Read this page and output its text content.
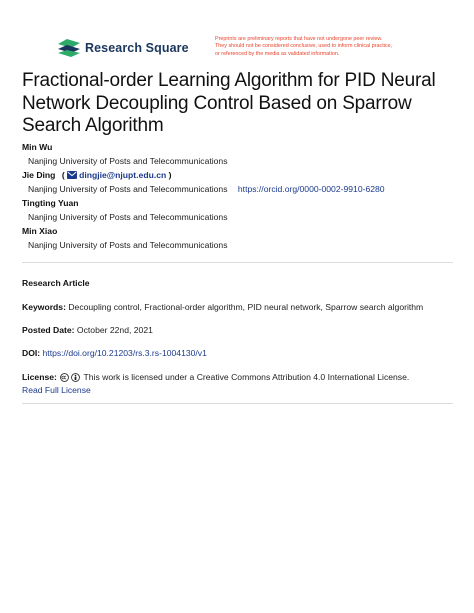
Research Square
Preprints are preliminary reports that have not undergone peer review.
They should not be considered conclusive, used to inform clinical practice,
or referenced by the media as validated information.
Fractional-order Learning Algorithm for PID Neural
Network Decoupling Control Based on Sparrow
Search Algorithm
Min Wu
Nanjing University of Posts and Telecommunications
Jie Ding ( dingjie@njupt.edu.cn )
Nanjing University of Posts and Telecommunications https://orcid.org/0000-0002-9910-6280
Tingting Yuan
Nanjing University of Posts and Telecommunications
Min Xiao
Nanjing University of Posts and Telecommunications
Research Article
Keywords: Decoupling control, Fractional-order algorithm, PID neural network, Sparrow search algorithm
Posted Date: October 22nd, 2021
DOI: https://doi.org/10.21203/rs.3.rs-1004130/v1
License:	This work is licensed under a Creative Commons Attribution 4.0 International License.
Read Full License
